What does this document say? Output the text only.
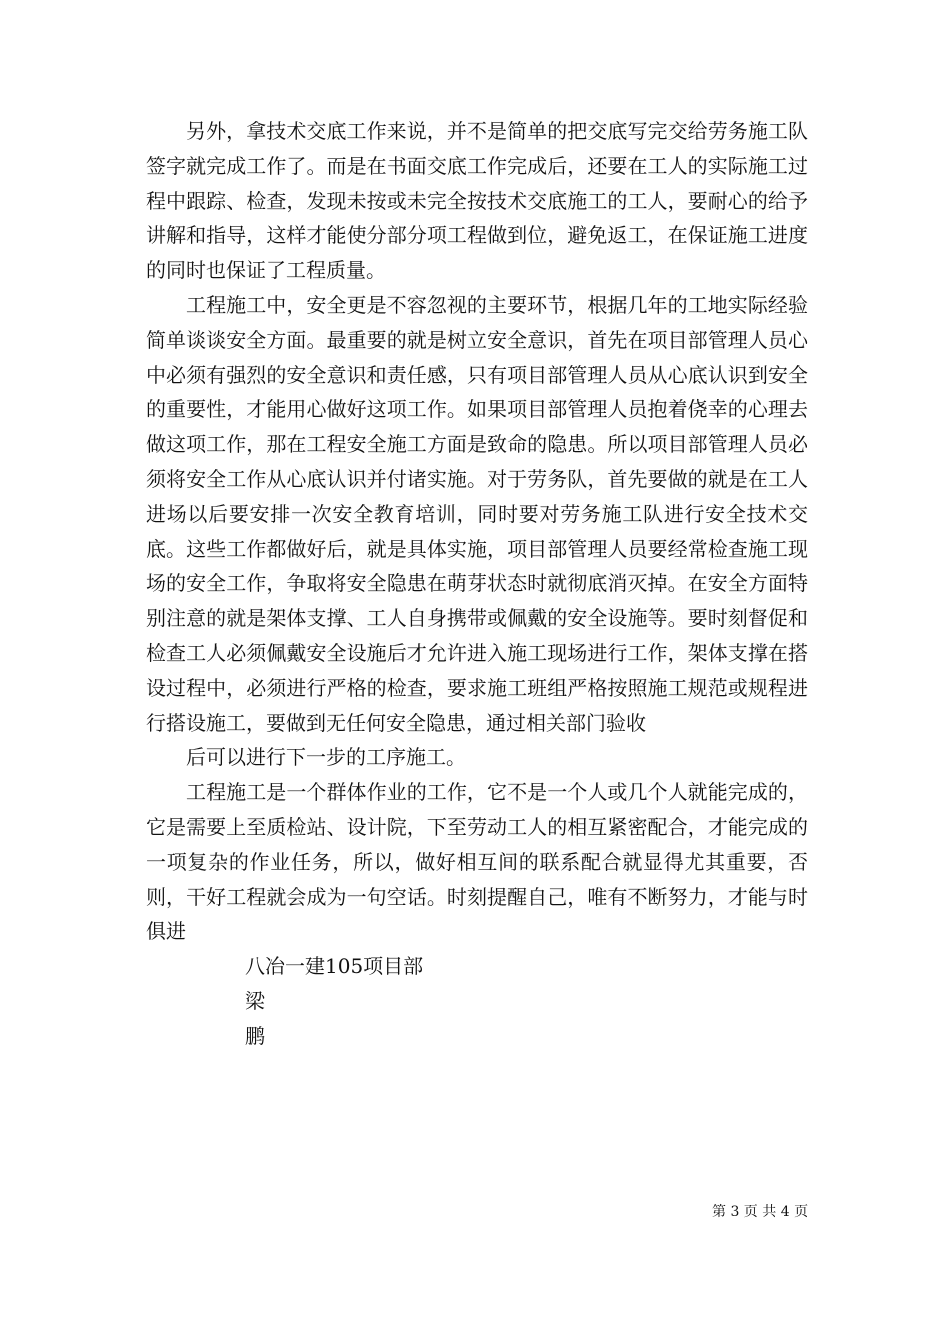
另外，拿技术交底工作来说，并不是简单的把交底写完交给劳务施工队签字就完成工作了。而是在书面交底工作完成后，还要在工人的实际施工过程中跟踪、检查，发现未按或未完全按技术交底施工的工人，要耐心的给予讲解和指导，这样才能使分部分项工程做到位，避免返工，在保证施工进度的同时也保证了工程质量。

工程施工中，安全更是不容忽视的主要环节，根据几年的工地实际经验简单谈谈安全方面。最重要的就是树立安全意识，首先在项目部管理人员心中必须有强烈的安全意识和责任感，只有项目部管理人员从心底认识到安全的重要性，才能用心做好这项工作。如果项目部管理人员抱着侥幸的心理去做这项工作，那在工程安全施工方面是致命的隐患。所以项目部管理人员必须将安全工作从心底认识并付诸实施。对于劳务队，首先要做的就是在工人进场以后要安排一次安全教育培训，同时要对劳务施工队进行安全技术交底。这些工作都做好后，就是具体实施，项目部管理人员要经常检查施工现场的安全工作，争取将安全隐患在萌芽状态时就彻底消灭掉。在安全方面特别注意的就是架体支撑、工人自身携带或佩戴的安全设施等。要时刻督促和检查工人必须佩戴安全设施后才允许进入施工现场进行工作，架体支撑在搭设过程中，必须进行严格的检查，要求施工班组严格按照施工规范或规程进行搭设施工，要做到无任何安全隐患，通过相关部门验收

后可以进行下一步的工序施工。

工程施工是一个群体作业的工作，它不是一个人或几个人就能完成的，它是需要上至质检站、设计院，下至劳动工人的相互紧密配合，才能完成的一项复杂的作业任务，所以，做好相互间的联系配合就显得尤其重要，否则，干好工程就会成为一句空话。时刻提醒自己，唯有不断努力，才能与时俱进

八冶一建105项目部

梁

鹏

第 3 页 共 4 页
